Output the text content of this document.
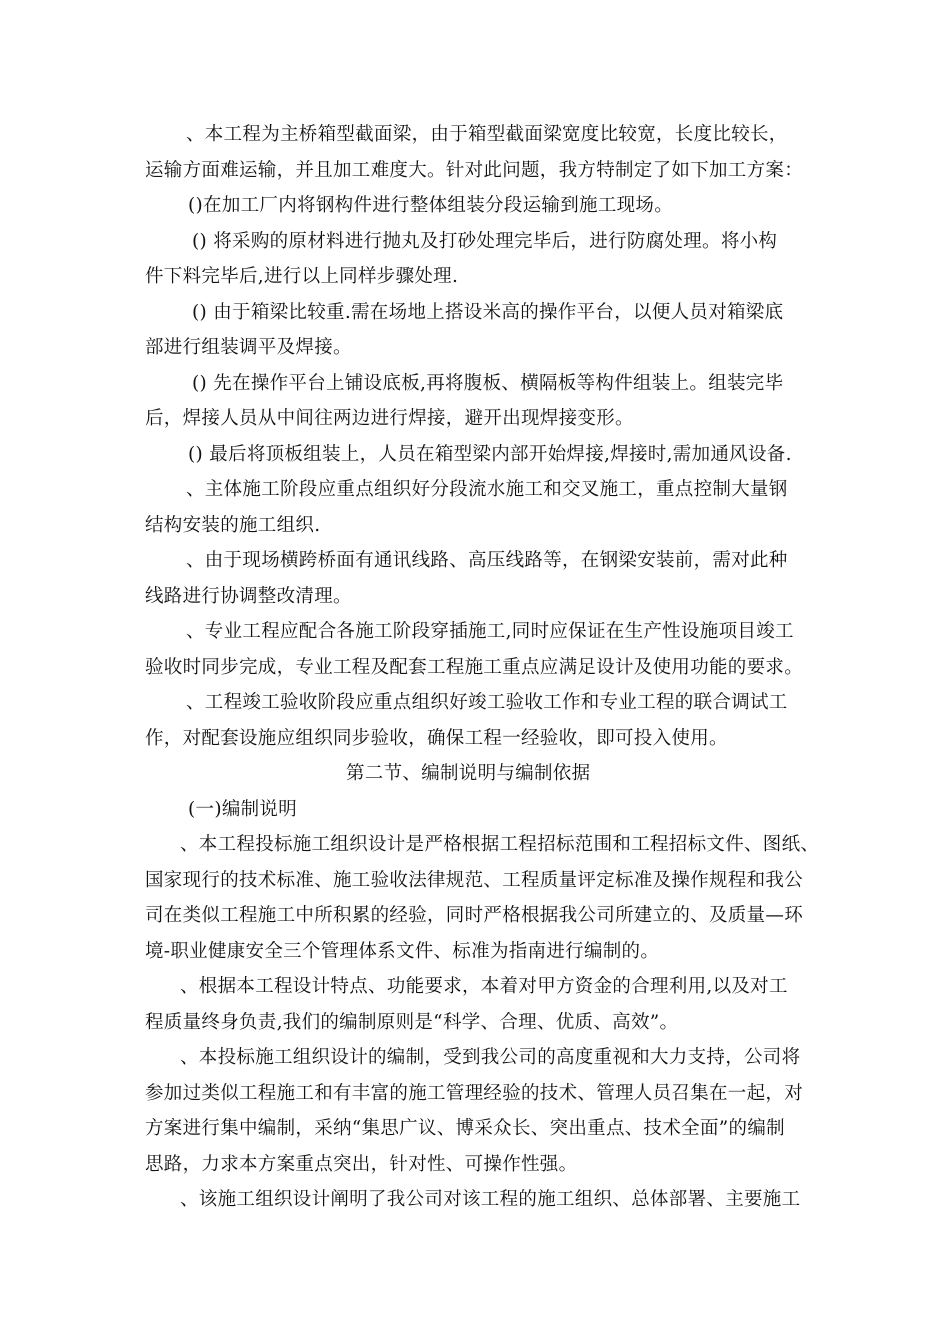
、本工程为主桥箱型截面梁，由于箱型截面梁宽度比较宽，长度比较长，
运输方面难运输，并且加工难度大。针对此问题，我方特制定了如下加工方案：
()在加工厂内将钢构件进行整体组装分段运输到施工现场。
() 将采购的原材料进行抛丸及打砂处理完毕后，进行防腐处理。将小构
件下料完毕后,进行以上同样步骤处理.
() 由于箱梁比较重.需在场地上搭设米高的操作平台，以便人员对箱梁底
部进行组装调平及焊接。
() 先在操作平台上铺设底板,再将腹板、横隔板等构件组装上。组装完毕
后，焊接人员从中间往两边进行焊接，避开出现焊接变形。
() 最后将顶板组装上，人员在箱型梁内部开始焊接,焊接时,需加通风设备.
、主体施工阶段应重点组织好分段流水施工和交叉施工，重点控制大量钢
结构安装的施工组织.
、由于现场横跨桥面有通讯线路、高压线路等，在钢梁安装前，需对此种
线路进行协调整改清理。
、专业工程应配合各施工阶段穿插施工,同时应保证在生产性设施项目竣工
验收时同步完成，专业工程及配套工程施工重点应满足设计及使用功能的要求。
、工程竣工验收阶段应重点组织好竣工验收工作和专业工程的联合调试工
作，对配套设施应组织同步验收，确保工程一经验收，即可投入使用。
第二节、编制说明与编制依据
(一)编制说明
、本工程投标施工组织设计是严格根据工程招标范围和工程招标文件、图纸、
国家现行的技术标准、施工验收法律规范、工程质量评定标准及操作规程和我公
司在类似工程施工中所积累的经验，同时严格根据我公司所建立的、及质量—环
境-职业健康安全三个管理体系文件、标准为指南进行编制的。
、根据本工程设计特点、功能要求，本着对甲方资金的合理利用,以及对工
程质量终身负责,我们的编制原则是“科学、合理、优质、高效”。
、本投标施工组织设计的编制，受到我公司的高度重视和大力支持，公司将
参加过类似工程施工和有丰富的施工管理经验的技术、管理人员召集在一起，对
方案进行集中编制，采纳“集思广议、博采众长、突出重点、技术全面”的编制
思路，力求本方案重点突出，针对性、可操作性强。
、该施工组织设计阐明了我公司对该工程的施工组织、总体部署、主要施工
